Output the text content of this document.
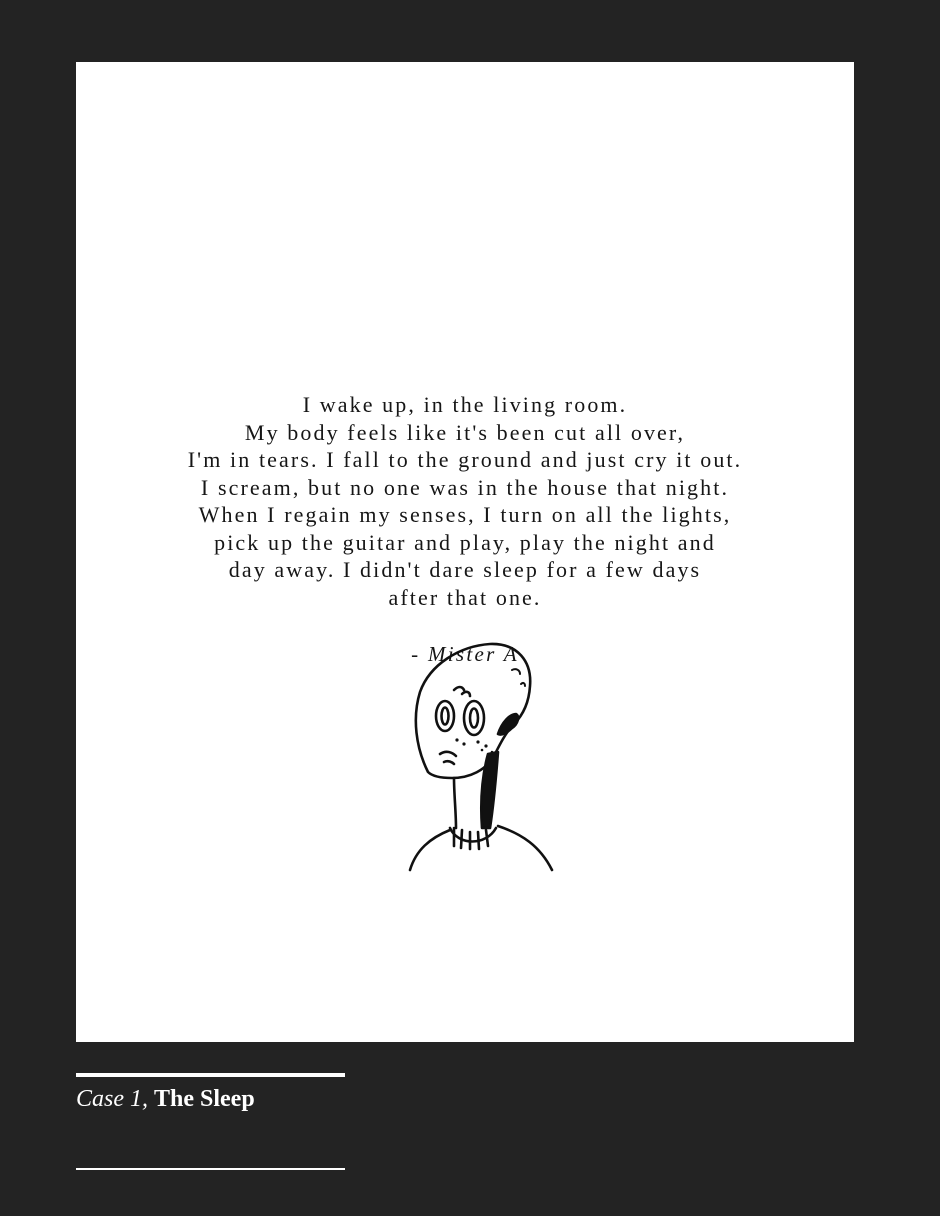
I wake up, in the living room.
My body feels like it's been cut all over,
I'm in tears. I fall to the ground and just cry it out.
I scream, but no one was in the house that night.
When I regain my senses, I turn on all the lights,
pick up the guitar and play, play the night and
day away. I didn't dare sleep for a few days
after that one.
- Mister A
Case 1, The Sleep
